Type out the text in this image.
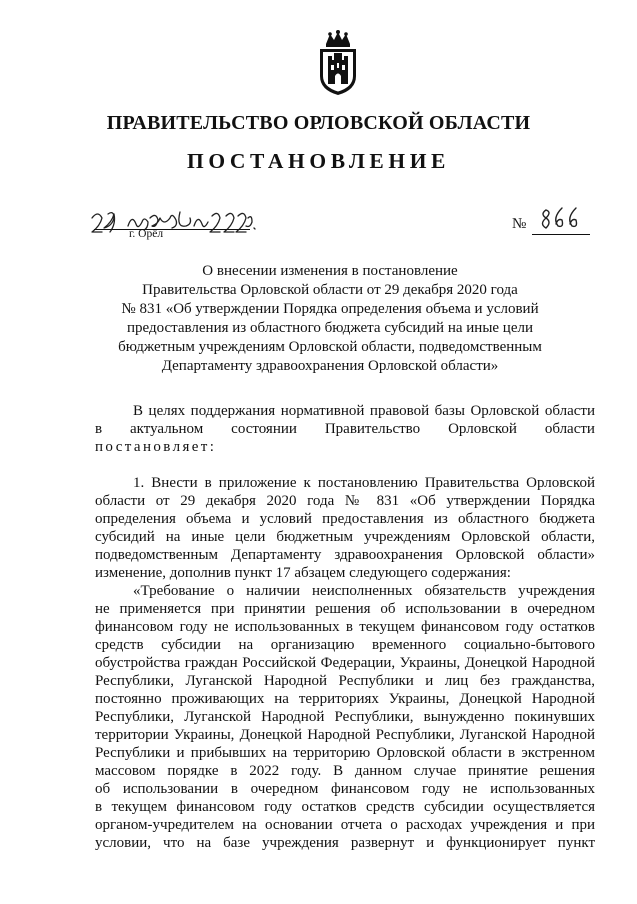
ПРАВИТЕЛЬСТВО ОРЛОВСКОЙ ОБЛАСТИ
ПОСТАНОВЛЕНИЕ
г. Орёл
№
О внесении изменения в постановление
Правительства Орловской области от 29 декабря 2020 года
№ 831 «Об утверждении Порядка определения объема и условий
предоставления из областного бюджета субсидий на иные цели
бюджетным учреждениям Орловской области, подведомственным
Департаменту здравоохранения Орловской области»
В целях поддержания нормативной правовой базы Орловской области
в актуальном состоянии Правительство Орловской области
постановляет:
1. Внести в приложение к постановлению Правительства Орловской
области от 29 декабря 2020 года № 831 «Об утверждении Порядка
определения объема и условий предоставления из областного бюджета
субсидий на иные цели бюджетным учреждениям Орловской области,
подведомственным Департаменту здравоохранения Орловской области»
изменение, дополнив пункт 17 абзацем следующего содержания:
«Требование о наличии неисполненных обязательств учреждения
не применяется при принятии решения об использовании в очередном
финансовом году не использованных в текущем финансовом году остатков
средств субсидии на организацию временного социально-бытового
обустройства граждан Российской Федерации, Украины, Донецкой Народной
Республики, Луганской Народной Республики и лиц без гражданства,
постоянно проживающих на территориях Украины, Донецкой Народной
Республики, Луганской Народной Республики, вынужденно покинувших
территории Украины, Донецкой Народной Республики, Луганской Народной
Республики и прибывших на территорию Орловской области в экстренном
массовом порядке в 2022 году. В данном случае принятие решения
об использовании в очередном финансовом году не использованных
в текущем финансовом году остатков средств субсидии осуществляется
органом-учредителем на основании отчета о расходах учреждения и при
условии, что на базе учреждения развернут и функционирует пункт
